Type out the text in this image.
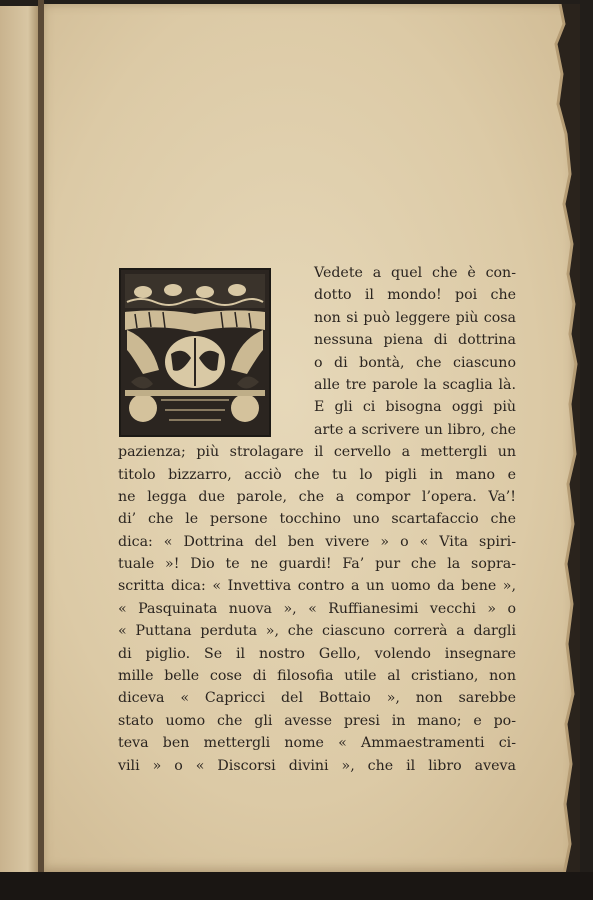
Vedete a quel che è con-
dotto il mondo! poi che
non si può leggere più cosa
nessuna piena di dottrina
o di bontà, che ciascuno
alle tre parole la scaglia là.
E gli ci bisogna oggi più
arte a scrivere un libro, che
pazienza; più strolagare il cervello a mettergli un
titolo bizzarro, acciò che tu lo pigli in mano e
ne legga due parole, che a compor l’opera. Va’!
di’ che le persone tocchino uno scartafaccio che
dica: « Dottrina del ben vivere » o « Vita spiri-
tuale »! Dio te ne guardi! Fa’ pur che la sopra-
scritta dica: « Invettiva contro a un uomo da bene »,
« Pasquinata nuova », « Ruffianesimi vecchi » o
« Puttana perduta », che ciascuno correrà a dargli
di piglio. Se il nostro Gello, volendo insegnare
mille belle cose di filosofia utile al cristiano, non
diceva « Capricci del Bottaio », non sarebbe
stato uomo che gli avesse presi in mano; e po-
teva ben mettergli nome « Ammaestramenti ci-
vili » o « Discorsi divini », che il libro aveva
